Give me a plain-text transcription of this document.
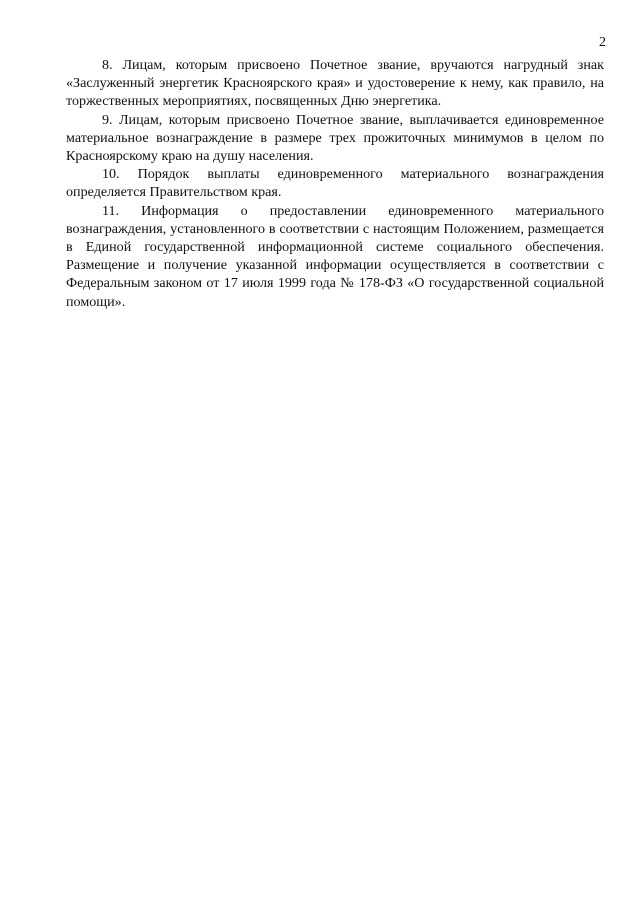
2

8. Лицам, которым присвоено Почетное звание, вручаются нагрудный знак «Заслуженный энергетик Красноярского края» и удостоверение к нему, как правило, на торжественных мероприятиях, посвященных Дню энергетика.

9. Лицам, которым присвоено Почетное звание, выплачивается единовременное материальное вознаграждение в размере трех прожиточных минимумов в целом по Красноярскому краю на душу населения.

10. Порядок выплаты единовременного материального вознаграждения определяется Правительством края.

11. Информация о предоставлении единовременного материального вознаграждения, установленного в соответствии с настоящим Положением, размещается в Единой государственной информационной системе социального обеспечения. Размещение и получение указанной информации осуществляется в соответствии с Федеральным законом от 17 июля 1999 года № 178-ФЗ «О государственной социальной помощи».
